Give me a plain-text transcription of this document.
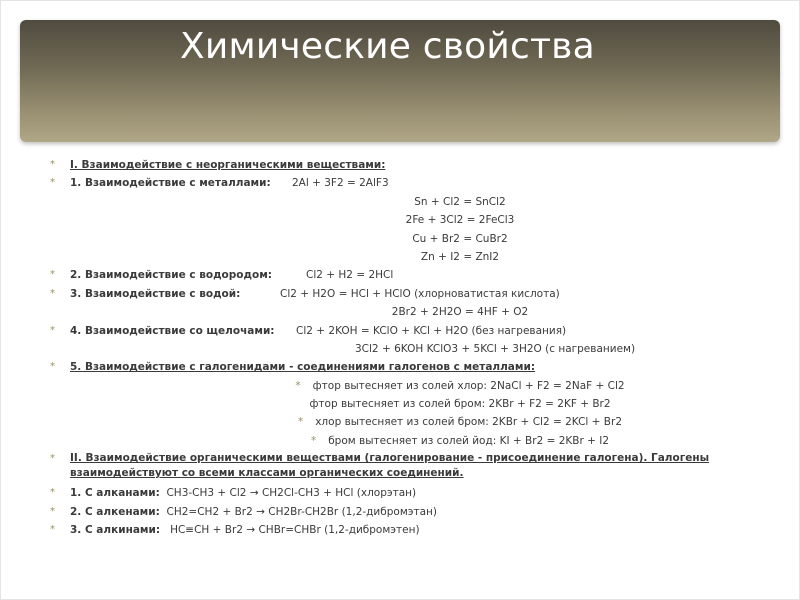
Химические свойства
* I. Взаимодействие с неорганическими веществами:
* 1. Взаимодействие с металлами: 2Al + 3F2 = 2AlF3
Sn + Cl2 = SnCl2
2Fe + 3Cl2 = 2FeCl3
Cu + Br2 = CuBr2
Zn + I2 = ZnI2
* 2. Взаимодействие с водородом:	Cl2 + H2 = 2HCl
* 3. Взаимодействие с водой:	Cl2 + H2O = HCl + HClO (хлорноватистая кислота)
2Br2 + 2H2O = 4HF + O2
* 4. Взаимодействие со щелочами: Cl2 + 2KOH = KClO + KCl + H2O (без нагревания)
3Cl2 + 6KOH KClO3 + 5KCl + 3H2O (с нагреванием)
* 5. Взаимодействие с галогенидами - соединениями галогенов с металлами:
* фтор вытесняет из солей хлор: 2NaCl + F2 = 2NaF + Cl2
фтор вытесняет из солей бром: 2KBr + F2 = 2KF + Br2
* хлор вытесняет из солей бром: 2KBr + Cl2 = 2KCl + Br2
* бром вытесняет из солей йод: KI + Br2 = 2KBr + I2
* II. Взаимодействие органическими веществами (галогенирование - присоединение галогена). Галогены взаимодействуют со всеми классами органических соединений.
* 1. С алканами: CH3-CH3 + Cl2 → CH2Cl-CH3 + HCl (хлорэтан)
* 2. С алкенами: CH2=CH2 + Br2 → CH2Br-CH2Br (1,2-дибромэтан)
* 3. С алкинами: HC≡CH + Br2 → CHBr=CHBr (1,2-дибромэтен)
